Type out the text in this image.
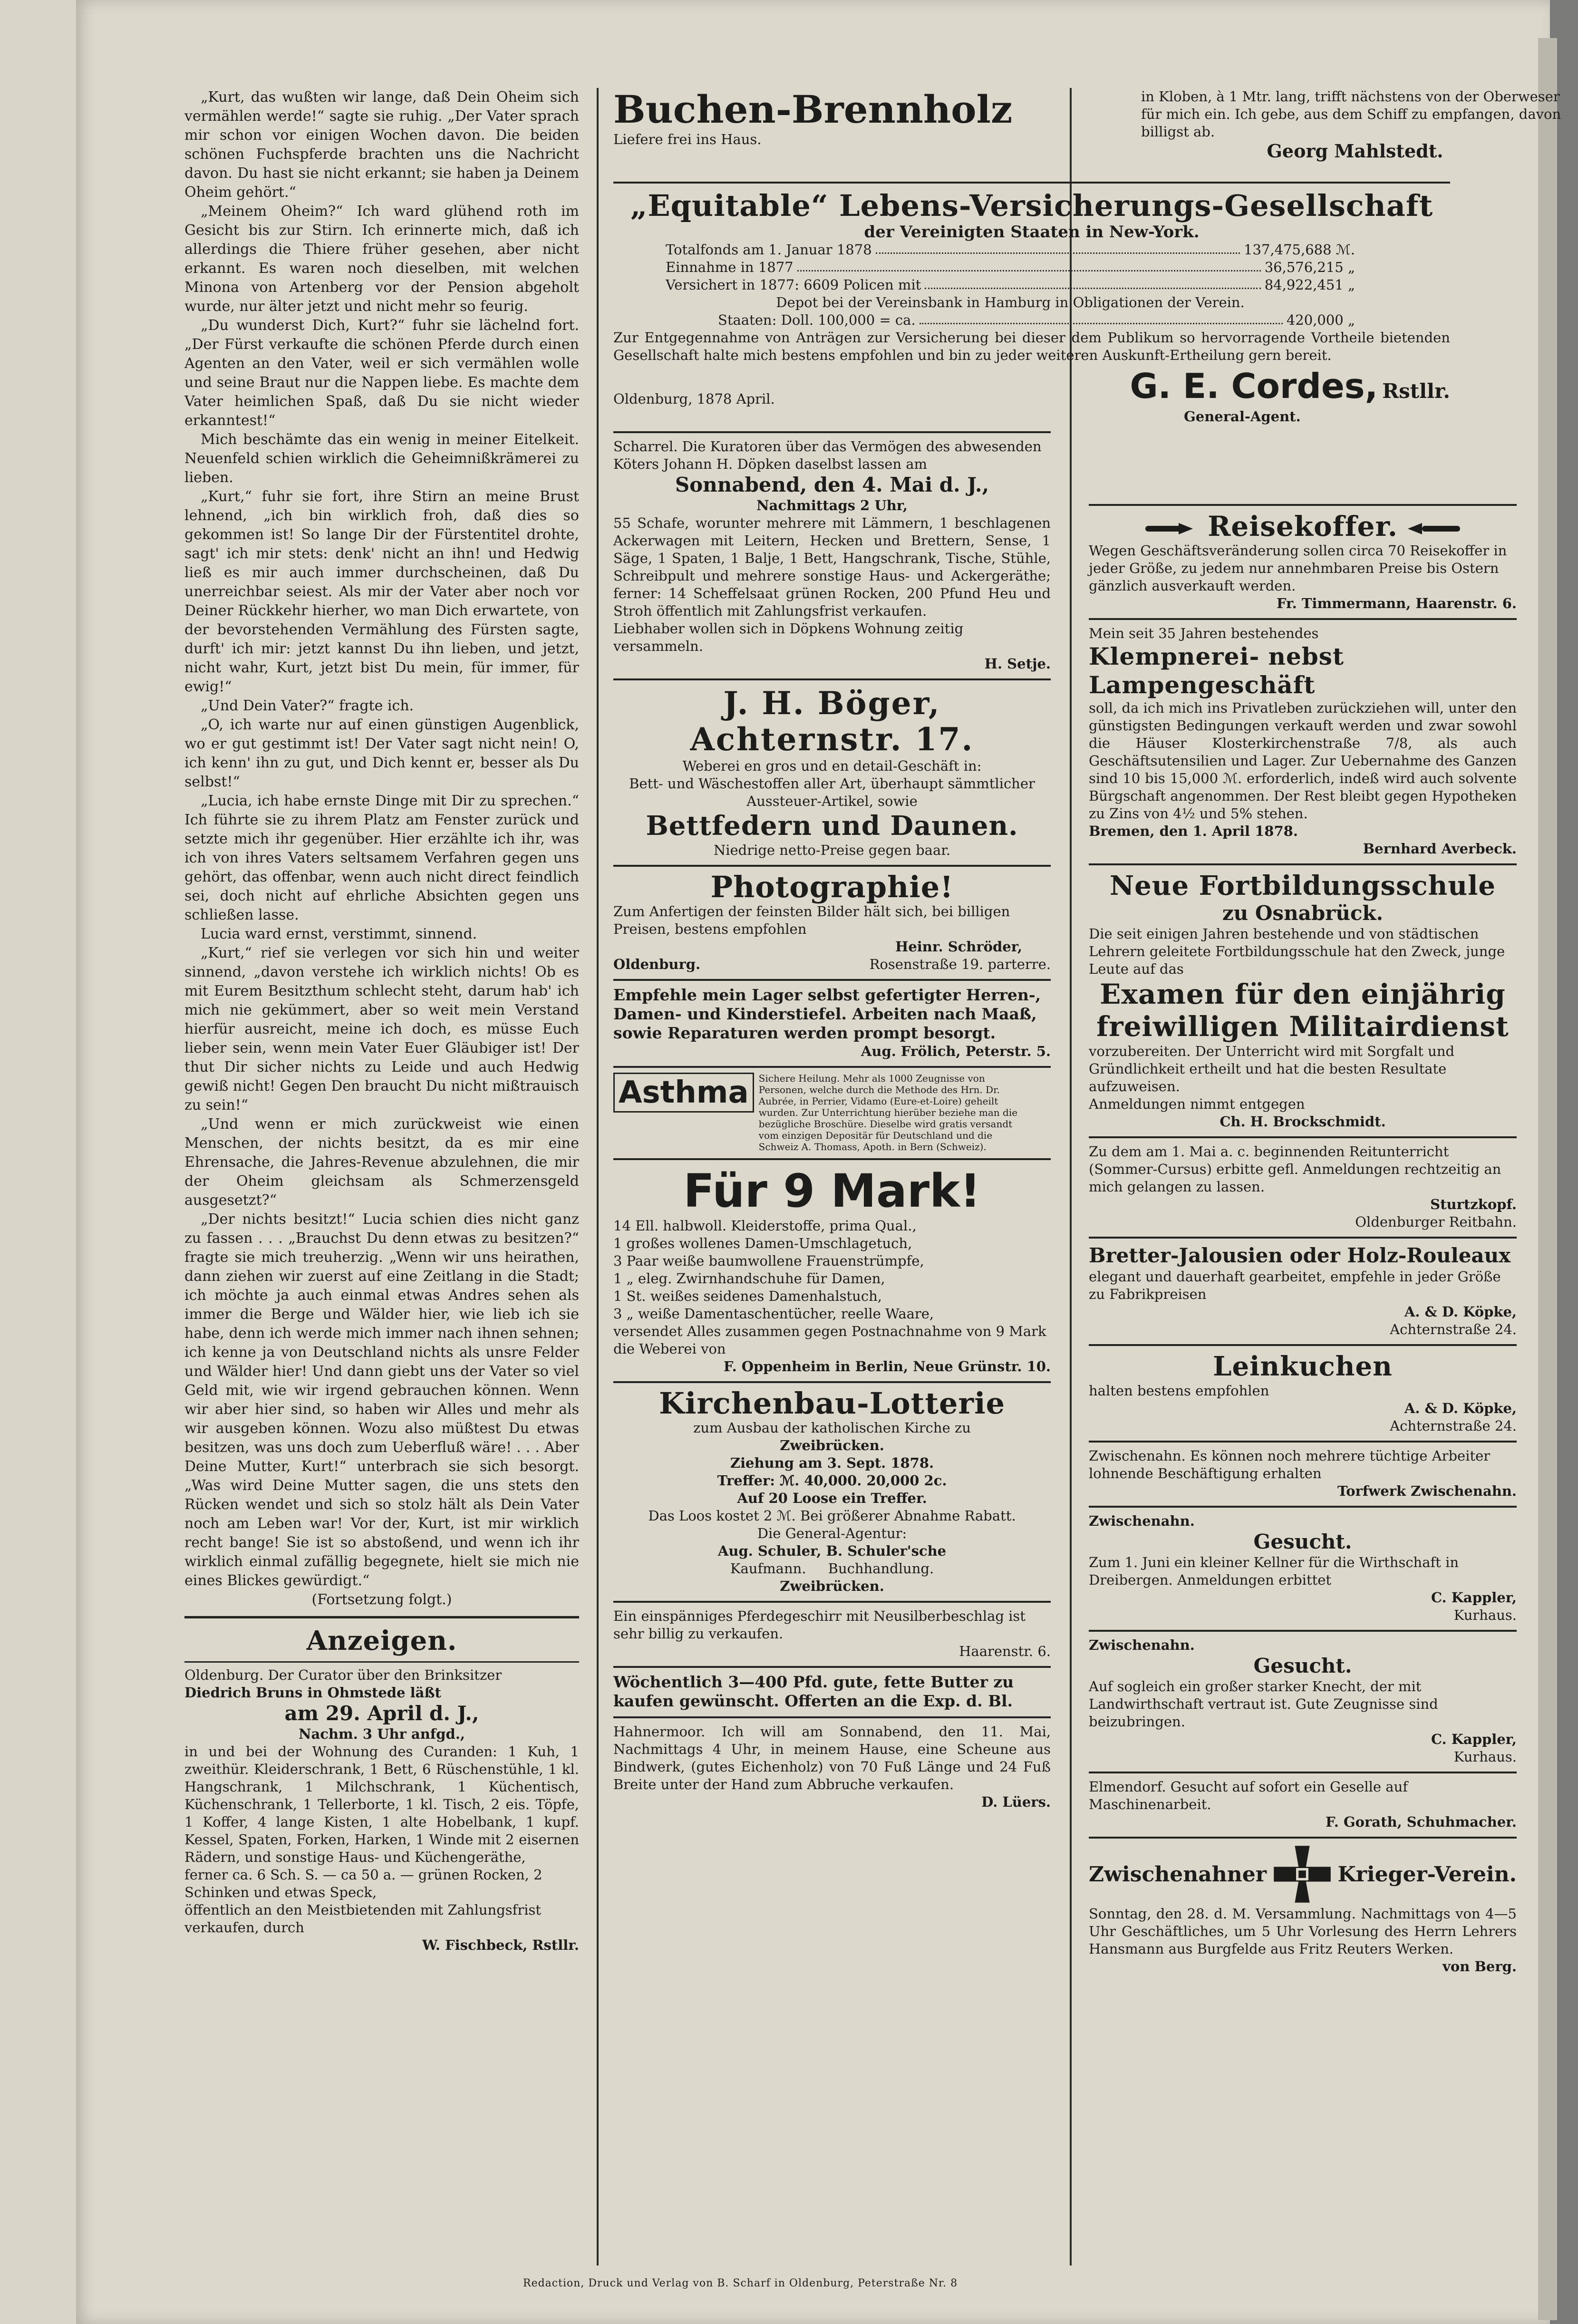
„Kurt, das wußten wir lange, daß Dein Oheim sich vermählen werde!“ sagte sie ruhig. „Der Vater sprach mir schon vor einigen Wochen davon. Die beiden schönen Fuchspferde brachten uns die Nachricht davon. Du hast sie nicht erkannt; sie haben ja Deinem Oheim gehört.“

„Meinem Oheim?“ Ich ward glühend roth im Gesicht bis zur Stirn. Ich erinnerte mich, daß ich allerdings die Thiere früher gesehen, aber nicht erkannt. Es waren noch dieselben, mit welchen Minona von Artenberg vor der Pension abgeholt wurde, nur älter jetzt und nicht mehr so feurig.

„Du wunderst Dich, Kurt?“ fuhr sie lächelnd fort. „Der Fürst verkaufte die schönen Pferde durch einen Agenten an den Vater, weil er sich vermählen wolle und seine Braut nur die Nappen liebe. Es machte dem Vater heimlichen Spaß, daß Du sie nicht wieder erkanntest!“

Mich beschämte das ein wenig in meiner Eitelkeit. Neuenfeld schien wirklich die Geheimnißkrämerei zu lieben.

„Kurt,“ fuhr sie fort, ihre Stirn an meine Brust lehnend, „ich bin wirklich froh, daß dies so gekommen ist! So lange Dir der Fürstentitel drohte, sagt' ich mir stets: denk' nicht an ihn! und Hedwig ließ es mir auch immer durchscheinen, daß Du unerreichbar seiest. Als mir der Vater aber noch vor Deiner Rückkehr hierher, wo man Dich erwartete, von der bevorstehenden Vermählung des Fürsten sagte, durft' ich mir: jetzt kannst Du ihn lieben, und jetzt, nicht wahr, Kurt, jetzt bist Du mein, für immer, für ewig!“

„Und Dein Vater?“ fragte ich.

„O, ich warte nur auf einen günstigen Augenblick, wo er gut gestimmt ist! Der Vater sagt nicht nein! O, ich kenn' ihn zu gut, und Dich kennt er, besser als Du selbst!“

„Lucia, ich habe ernste Dinge mit Dir zu sprechen.“ Ich führte sie zu ihrem Platz am Fenster zurück und setzte mich ihr gegenüber. Hier erzählte ich ihr, was ich von ihres Vaters seltsamem Verfahren gegen uns gehört, das offenbar, wenn auch nicht direct feindlich sei, doch nicht auf ehrliche Absichten gegen uns schließen lasse.

Lucia ward ernst, verstimmt, sinnend.

„Kurt,“ rief sie verlegen vor sich hin und weiter sinnend, „davon verstehe ich wirklich nichts! Ob es mit Eurem Besitzthum schlecht steht, darum hab' ich mich nie gekümmert, aber so weit mein Verstand hierfür ausreicht, meine ich doch, es müsse Euch lieber sein, wenn mein Vater Euer Gläubiger ist! Der thut Dir sicher nichts zu Leide und auch Hedwig gewiß nicht! Gegen Den braucht Du nicht mißtrauisch zu sein!“

„Und wenn er mich zurückweist wie einen Menschen, der nichts besitzt, da es mir eine Ehrensache, die Jahres-Revenue abzulehnen, die mir der Oheim gleichsam als Schmerzensgeld ausgesetzt?“

„Der nichts besitzt!“ Lucia schien dies nicht ganz zu fassen . . . „Brauchst Du denn etwas zu besitzen?“ fragte sie mich treuherzig. „Wenn wir uns heirathen, dann ziehen wir zuerst auf eine Zeitlang in die Stadt; ich möchte ja auch einmal etwas Andres sehen als immer die Berge und Wälder hier, wie lieb ich sie habe, denn ich werde mich immer nach ihnen sehnen; ich kenne ja von Deutschland nichts als unsre Felder und Wälder hier! Und dann giebt uns der Vater so viel Geld mit, wie wir irgend gebrauchen können. Wenn wir aber hier sind, so haben wir Alles und mehr als wir ausgeben können. Wozu also müßtest Du etwas besitzen, was uns doch zum Ueberfluß wäre! . . . Aber Deine Mutter, Kurt!“ unterbrach sie sich besorgt. „Was wird Deine Mutter sagen, die uns stets den Rücken wendet und sich so stolz hält als Dein Vater noch am Leben war! Vor der, Kurt, ist mir wirklich recht bange! Sie ist so abstoßend, und wenn ich ihr wirklich einmal zufällig begegnete, hielt sie mich nie eines Blickes gewürdigt.“

(Fortsetzung folgt.)

Anzeigen.

Oldenburg. Der Curator über den Brinksitzer

Diedrich Bruns in Ohmstede läßt

am 29. April d. J.,

Nachm. 3 Uhr anfgd.,

in und bei der Wohnung des Curanden: 1 Kuh, 1 zweithür. Kleiderschrank, 1 Bett, 6 Rüschenstühle, 1 kl. Hangschrank, 1 Milchschrank, 1 Küchentisch, Küchenschrank, 1 Tellerborte, 1 kl. Tisch, 2 eis. Töpfe, 1 Koffer, 4 lange Kisten, 1 alte Hobelbank, 1 kupf. Kessel, Spaten, Forken, Harken, 1 Winde mit 2 eisernen Rädern, und sonstige Haus- und Küchengeräthe,

ferner ca. 6 Sch. S. — ca 50 a. — grünen Rocken, 2 Schinken und etwas Speck,

öffentlich an den Meistbietenden mit Zahlungsfrist verkaufen, durch

W. Fischbeck, Rstllr.

Buchen-Brennholz
Liefere frei ins Haus.

in Kloben, à 1 Mtr. lang, trifft nächstens von der Oberweser für mich ein. Ich gebe, aus dem Schiff zu empfangen, davon billigst ab.

Georg Mahlstedt.

„Equitable“ Lebens-Versicherungs-Gesellschaft
der Vereinigten Staaten in New-York.
Totalfonds am 1. Januar 1878	137,475,688 ℳ.
Einnahme in 1877	36,576,215 „
Versichert in 1877: 6609 Policen mit	84,922,451 „
Depot bei der Vereinsbank in Hamburg in Obligationen der Verein.
Staaten: Doll. 100,000 = ca.	420,000 „

Zur Entgegennahme von Anträgen zur Versicherung bei dieser dem Publikum so hervorragende Vortheile bietenden Gesellschaft halte mich bestens empfohlen und bin zu jeder weiteren Auskunft-Ertheilung gern bereit.

Oldenburg, 1878 April.	G. E. Cordes, Rstllr.
General-Agent.

Scharrel. Die Kuratoren über das Vermögen des abwesenden Köters Johann H. Döpken daselbst lassen am

Sonnabend, den 4. Mai d. J.,

Nachmittags 2 Uhr,

55 Schafe, worunter mehrere mit Lämmern, 1 beschlagenen Ackerwagen mit Leitern, Hecken und Brettern, Sense, 1 Säge, 1 Spaten, 1 Balje, 1 Bett, Hangschrank, Tische, Stühle, Schreibpult und mehrere sonstige Haus- und Ackergeräthe; ferner: 14 Scheffelsaat grünen Rocken, 200 Pfund Heu und Stroh öffentlich mit Zahlungsfrist verkaufen.

Liebhaber wollen sich in Döpkens Wohnung zeitig versammeln.

H. Setje.

J. H. Böger, Achternstr. 17.

Weberei en gros und en detail-Geschäft in:

Bett- und Wäschestoffen aller Art, überhaupt sämmtlicher Aussteuer-Artikel, sowie

Bettfedern und Daunen.

Niedrige netto-Preise gegen baar.

Photographie!

Zum Anfertigen der feinsten Bilder hält sich, bei billigen Preisen, bestens empfohlen

Heinr. Schröder,

Oldenburg.	Rosenstraße 19. parterre.

Empfehle mein Lager selbst gefertigter Herren-, Damen- und Kinderstiefel. Arbeiten nach Maaß, sowie Reparaturen werden prompt besorgt.

Aug. Frölich, Peterstr. 5.

Asthma	Sichere Heilung. Mehr als 1000 Zeugnisse von Personen, welche durch die Methode des Hrn. Dr. Aubrée, in Perrier, Vidamo (Eure-et-Loire) geheilt wurden. Zur Unterrichtung hierüber beziehe man die bezügliche Broschüre. Dieselbe wird gratis versandt vom einzigen Depositär für Deutschland und die Schweiz A. Thomass, Apoth. in Bern (Schweiz).
Für 9 Mark!

14 Ell. halbwoll. Kleiderstoffe, prima Qual.,

1 großes wollenes Damen-Umschlagetuch,

3 Paar weiße baumwollene Frauenstrümpfe,

1 „ eleg. Zwirnhandschuhe für Damen,

1 St. weißes seidenes Damenhalstuch,

3 „ weiße Damentaschentücher, reelle Waare,

versendet Alles zusammen gegen Postnachnahme von 9 Mark die Weberei von

F. Oppenheim in Berlin, Neue Grünstr. 10.

Kirchenbau-Lotterie

zum Ausbau der katholischen Kirche zu

Zweibrücken.

Ziehung am 3. Sept. 1878.

Treffer: ℳ. 40,000. 20,000 2c.

Auf 20 Loose ein Treffer.

Das Loos kostet 2 ℳ. Bei größerer Abnahme Rabatt.

Die General-Agentur:

Aug. Schuler, B. Schuler'sche

Kaufmann.     Buchhandlung.

Zweibrücken.

Ein einspänniges Pferdegeschirr mit Neusilberbeschlag ist sehr billig zu verkaufen.

Haarenstr. 6.

Wöchentlich 3—400 Pfd. gute, fette Butter zu kaufen gewünscht. Offerten an die Exp. d. Bl.

Hahnermoor. Ich will am Sonnabend, den 11. Mai, Nachmittags 4 Uhr, in meinem Hause, eine Scheune aus Bindwerk, (gutes Eichenholz) von 70 Fuß Länge und 24 Fuß Breite unter der Hand zum Abbruche verkaufen.

D. Lüers.

Reisekoffer.

Wegen Geschäftsveränderung sollen circa 70 Reisekoffer in jeder Größe, zu jedem nur annehmbaren Preise bis Ostern gänzlich ausverkauft werden.

Fr. Timmermann, Haarenstr. 6.

Mein seit 35 Jahren bestehendes

Klempnerei- nebst Lampengeschäft

soll, da ich mich ins Privatleben zurückziehen will, unter den günstigsten Bedingungen verkauft werden und zwar sowohl die Häuser Klosterkirchenstraße 7/8, als auch Geschäftsutensilien und Lager. Zur Uebernahme des Ganzen sind 10 bis 15,000 ℳ. erforderlich, indeß wird auch solvente Bürgschaft angenommen. Der Rest bleibt gegen Hypotheken zu Zins von 4½ und 5% stehen.

Bremen, den 1. April 1878.

Bernhard Averbeck.

Neue Fortbildungsschule
zu Osnabrück.

Die seit einigen Jahren bestehende und von städtischen Lehrern geleitete Fortbildungsschule hat den Zweck, junge Leute auf das

Examen für den einjährig freiwilligen Militairdienst

vorzubereiten. Der Unterricht wird mit Sorgfalt und Gründlichkeit ertheilt und hat die besten Resultate aufzuweisen.

Anmeldungen nimmt entgegen

Ch. H. Brockschmidt.

Zu dem am 1. Mai a. c. beginnenden Reitunterricht (Sommer-Cursus) erbitte gefl. Anmeldungen rechtzeitig an mich gelangen zu lassen.

Sturtzkopf.

Oldenburger Reitbahn.

Bretter-Jalousien oder Holz-Rouleaux

elegant und dauerhaft gearbeitet, empfehle in jeder Größe zu Fabrikpreisen

A. & D. Köpke,

Achternstraße 24.

Leinkuchen

halten bestens empfohlen

A. & D. Köpke,

Achternstraße 24.

Zwischenahn. Es können noch mehrere tüchtige Arbeiter lohnende Beschäftigung erhalten

Torfwerk Zwischenahn.

Zwischenahn.

Gesucht.

Zum 1. Juni ein kleiner Kellner für die Wirthschaft in Dreibergen. Anmeldungen erbittet

C. Kappler,

Kurhaus.

Zwischenahn.

Gesucht.

Auf sogleich ein großer starker Knecht, der mit Landwirthschaft vertraut ist. Gute Zeugnisse sind beizubringen.

C. Kappler,

Kurhaus.

Elmendorf. Gesucht auf sofort ein Geselle auf Maschinenarbeit.

F. Gorath, Schuhmacher.

Zwischenahner	Krieger-Verein.

Sonntag, den 28. d. M. Versammlung. Nachmittags von 4—5 Uhr Geschäftliches, um 5 Uhr Vorlesung des Herrn Lehrers Hansmann aus Burgfelde aus Fritz Reuters Werken.

von Berg.

Redaction, Druck und Verlag von B. Scharf in Oldenburg, Peterstraße Nr. 8
